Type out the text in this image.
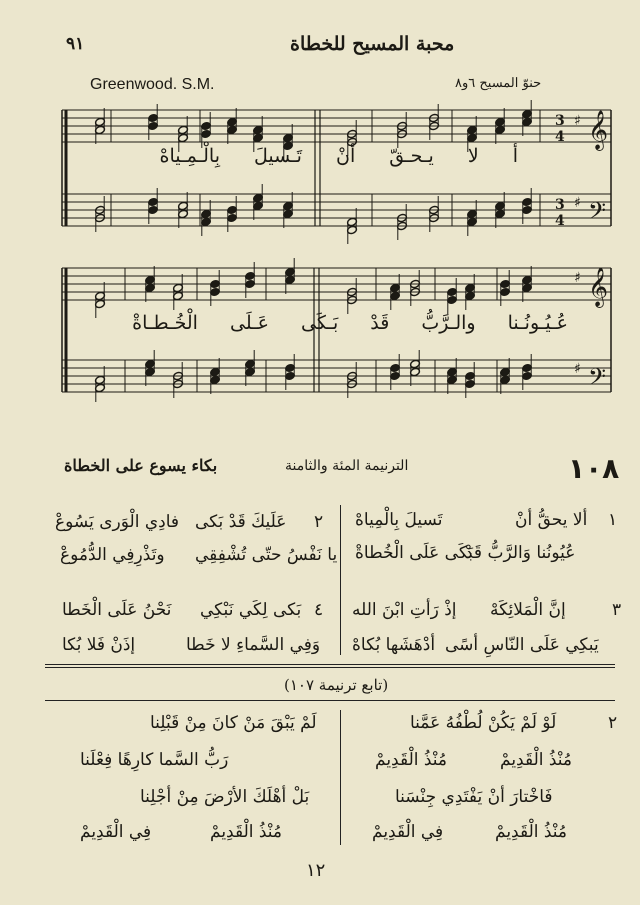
٩١	محبة المسيح للخطاة
Greenwood. S.M.	حنوّ المسيح ٦و٨
𝄞
𝄢
♯
♯
3
4
3
4
أ لا يـحـقّ أنْ تَـسيلَ بِالْـمِـياهْ
𝄞
𝄢
♯
♯
عُـيُـونُـنا والـرَّبُّ قَدْ بَـكَى عَـلَى الْخُـطـاةْ
١٠٨
الترنيمة المئة والثامنة
بكاء يسوع على الخطاة
١
ألا يحقُّ أنْ
تَسيلَ بِالْمِياهْ
عُيُونُنا وَالرَّبُّ قَدْ
بَكَى عَلَى الْخُطاةْ
٢
عَلَيكَ قَدْ بَكى
فادِي الْوَرى يَسُوعْ
يا نَفْسُ حتّى تُشْفِقِي
وتَذْرِفِي الدُّمُوعْ
٣
إنَّ الْمَلائِكَهْ
إذْ رَأتِ ابْنَ الله
يَبكِي عَلَى النّاسِ أسًى
أدْهَشَها بُكاهْ
٤
بَكى لِكَي نَبْكِي
نَحْنُ عَلَى الْخَطا
وَفِي السَّماءِ لا خَطا
إذَنْ فَلا بُكا
(تابع ترنيمة ١٠٧)
٢
لَوْ لَمْ يَكُنْ لُطْفُهُ عَمَّنا
مُنْذُ الْقَدِيمْ
مُنْذُ الْقَدِيمْ
فَاخْتارَ أنْ يَفْتَدِي جِنْسَنا
مُنْذُ الْقَدِيمْ
فِي الْقَدِيمْ
لَمْ يَبْقَ مَنْ كانَ مِنْ قَبْلِنا
رَبُّ السَّما كارِهًا فِعْلَنا
بَلْ أهْلَكَ الأرْضَ مِنْ أجْلِنا
مُنْذُ الْقَدِيمْ
فِي الْقَدِيمْ
١٢
